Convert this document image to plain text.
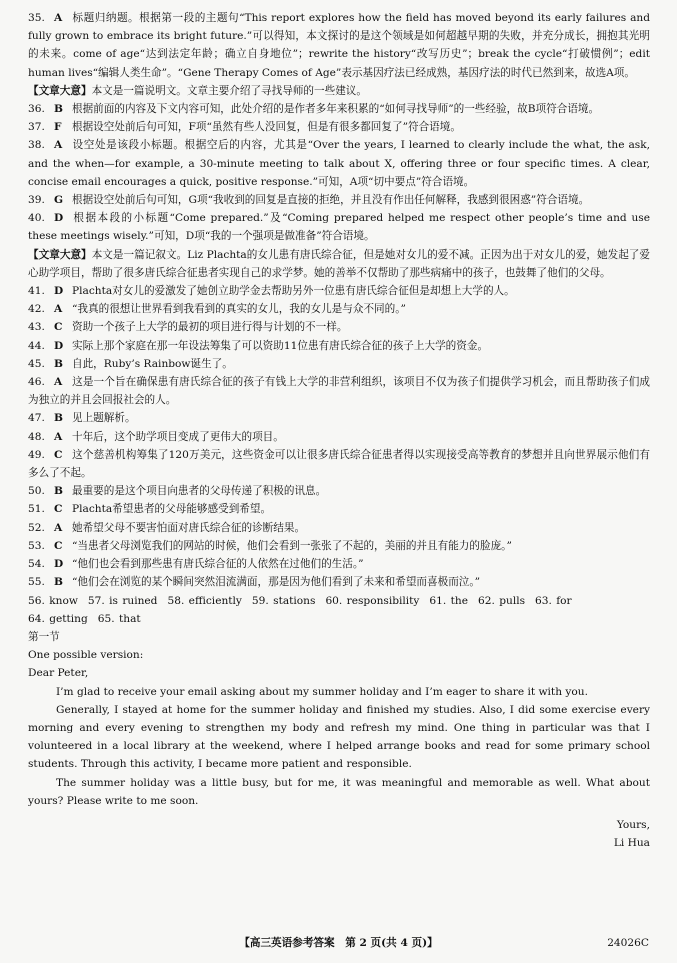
35. A 标题归纳题。根据第一段的主题句“This report explores how the field has moved beyond its early failures and fully grown to embrace its bright future.”可以得知，本文探讨的是这个领域是如何超越早期的失败，并充分成长，拥抱其光明的未来。come of age“达到法定年龄；确立自身地位”；rewrite the history“改写历史”；break the cycle“打破惯例”；edit human lives“编辑人类生命”。“Gene Therapy Comes of Age”表示基因疗法已经成熟，基因疗法的时代已然到来，故选A项。
【文章大意】本文是一篇说明文。文章主要介绍了寻找导师的一些建议。
36. B 根据前面的内容及下文内容可知，此处介绍的是作者多年来积累的“如何寻找导师”的一些经验，故B项符合语境。
37. F 根据设空处前后句可知，F项“虽然有些人没回复，但是有很多都回复了”符合语境。
38. A 设空处是该段小标题。根据空后的内容，尤其是“Over the years, I learned to clearly include the what, the ask, and the when—for example, a 30-minute meeting to talk about X, offering three or four specific times. A clear, concise email encourages a quick, positive response.”可知，A项“切中要点”符合语境。
39. G 根据设空处前后句可知，G项“我收到的回复是直接的拒绝，并且没有作出任何解释，我感到很困惑”符合语境。
40. D 根据本段的小标题“Come prepared.”及“Coming prepared helped me respect other people’s time and use these meetings wisely.”可知，D项“我的一个强项是做准备”符合语境。
【文章大意】本文是一篇记叙文。Liz Plachta的女儿患有唐氏综合征，但是她对女儿的爱不减。正因为出于对女儿的爱，她发起了爱心助学项目，帮助了很多唐氏综合征患者实现自己的求学梦。她的善举不仅帮助了那些病痛中的孩子，也鼓舞了他们的父母。
41. D Plachta对女儿的爱激发了她创立助学金去帮助另外一位患有唐氏综合征但是却想上大学的人。
42. A “我真的很想让世界看到我看到的真实的女儿，我的女儿是与众不同的。”
43. C 资助一个孩子上大学的最初的项目进行得与计划的不一样。
44. D 实际上那个家庭在那一年设法筹集了可以资助11位患有唐氏综合征的孩子上大学的资金。
45. B 自此，Ruby’s Rainbow诞生了。
46. A 这是一个旨在确保患有唐氏综合征的孩子有钱上大学的非营利组织，该项目不仅为孩子们提供学习机会，而且帮助孩子们成为独立的并且会回报社会的人。
47. B 见上题解析。
48. A 十年后，这个助学项目变成了更伟大的项目。
49. C 这个慈善机构筹集了120万美元，这些资金可以让很多唐氏综合征患者得以实现接受高等教育的梦想并且向世界展示他们有多么了不起。
50. B 最重要的是这个项目向患者的父母传递了积极的讯息。
51. C Plachta希望患者的父母能够感受到希望。
52. A 她希望父母不要害怕面对唐氏综合征的诊断结果。
53. C “当患者父母浏览我们的网站的时候，他们会看到一张张了不起的，美丽的并且有能力的脸庞。”
54. D “他们也会看到那些患有唐氏综合征的人依然在过他们的生活。”
55. B “他们会在浏览的某个瞬间突然泪流满面，那是因为他们看到了未来和希望而喜极而泣。”
56. know 57. is ruined 58. efficiently 59. stations 60. responsibility 61. the 62. pulls 63. for
64. getting 65. that
第一节
One possible version:
Dear Peter,
I’m glad to receive your email asking about my summer holiday and I’m eager to share it with you.
Generally, I stayed at home for the summer holiday and finished my studies. Also, I did some exercise every morning and every evening to strengthen my body and refresh my mind. One thing in particular was that I volunteered in a local library at the weekend, where I helped arrange books and read for some primary school students. Through this activity, I became more patient and responsible.
The summer holiday was a little busy, but for me, it was meaningful and memorable as well. What about yours? Please write to me soon.
Yours,
Li Hua
【高三英语参考答案　第 2 页(共 4 页)】	24026C
